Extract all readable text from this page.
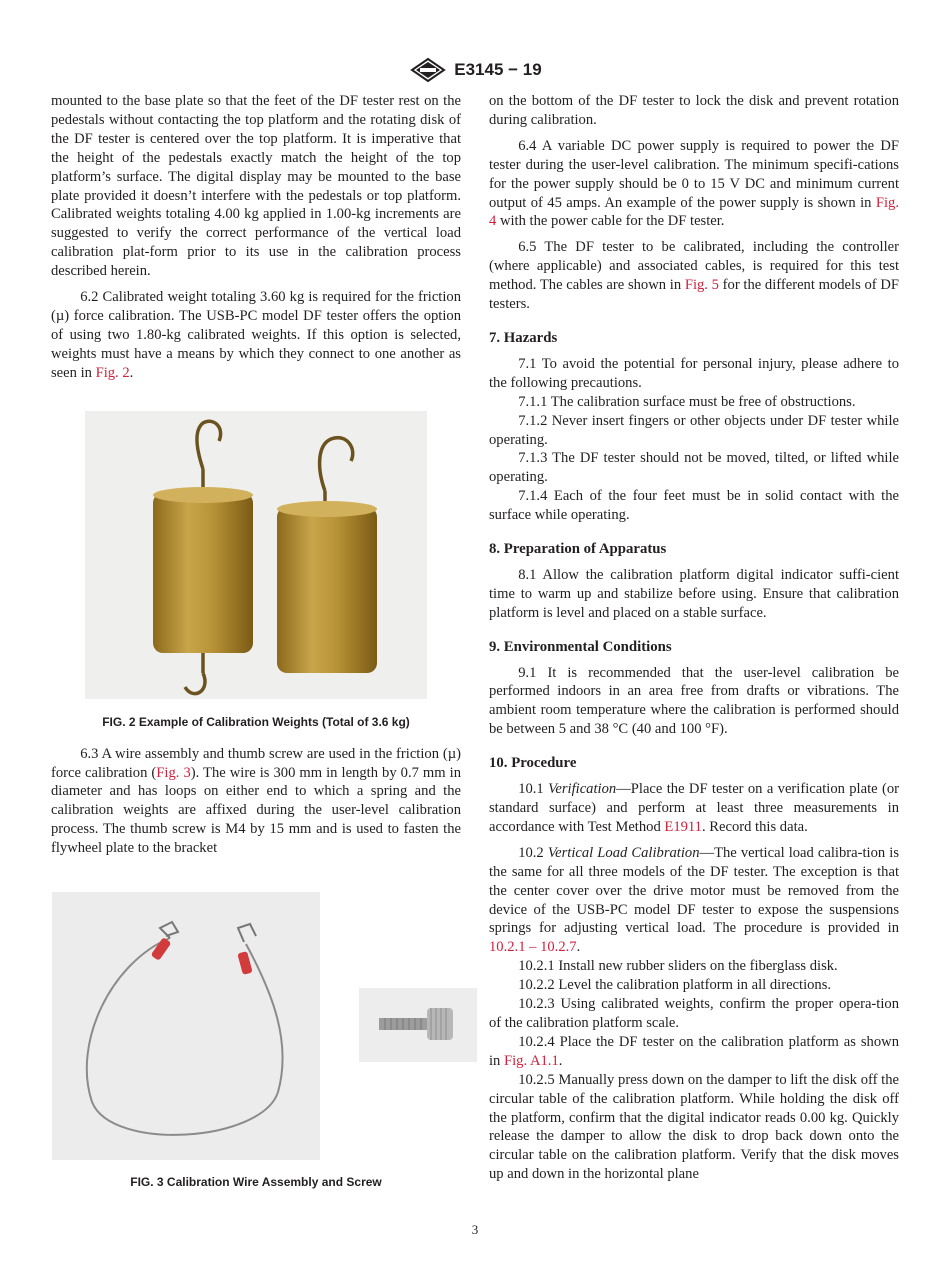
E3145 − 19

mounted to the base plate so that the feet of the DF tester rest on the pedestals without contacting the top platform and the rotating disk of the DF tester is centered over the top platform. It is imperative that the height of the pedestals exactly match the height of the top platform’s surface. The digital display may be mounted to the base plate provided it doesn’t interfere with the pedestals or top platform. Calibrated weights totaling 4.00 kg applied in 1.00-kg increments are suggested to verify the correct performance of the vertical load calibration plat-form prior to its use in the calibration process described herein.

6.2 Calibrated weight totaling 3.60 kg is required for the friction (µ) force calibration. The USB-PC model DF tester offers the option of using two 1.80-kg calibrated weights. If this option is selected, weights must have a means by which they connect to one another as seen in Fig. 2.

FIG. 2 Example of Calibration Weights (Total of 3.6 kg)

6.3 A wire assembly and thumb screw are used in the friction (µ) force calibration (Fig. 3). The wire is 300 mm in length by 0.7 mm in diameter and has loops on either end to which a spring and the calibration weights are affixed during the user-level calibration process. The thumb screw is M4 by 15 mm and is used to fasten the flywheel plate to the bracket

FIG. 3 Calibration Wire Assembly and Screw

on the bottom of the DF tester to lock the disk and prevent rotation during calibration.

6.4 A variable DC power supply is required to power the DF tester during the user-level calibration. The minimum specifi-cations for the power supply should be 0 to 15 V DC and minimum current output of 45 amps. An example of the power supply is shown in Fig. 4 with the power cable for the DF tester.

6.5 The DF tester to be calibrated, including the controller (where applicable) and associated cables, is required for this test method. The cables are shown in Fig. 5 for the different models of DF testers.

7. Hazards

7.1 To avoid the potential for personal injury, please adhere to the following precautions.

7.1.1 The calibration surface must be free of obstructions.

7.1.2 Never insert fingers or other objects under DF tester while operating.

7.1.3 The DF tester should not be moved, tilted, or lifted while operating.

7.1.4 Each of the four feet must be in solid contact with the surface while operating.

8. Preparation of Apparatus

8.1 Allow the calibration platform digital indicator suffi-cient time to warm up and stabilize before using. Ensure that calibration platform is level and placed on a stable surface.

9. Environmental Conditions

9.1 It is recommended that the user-level calibration be performed indoors in an area free from drafts or vibrations. The ambient room temperature where the calibration is performed should be between 5 and 38 °C (40 and 100 °F).

10. Procedure

10.1 Verification—Place the DF tester on a verification plate (or standard surface) and perform at least three measurements in accordance with Test Method E1911. Record this data.

10.2 Vertical Load Calibration—The vertical load calibra-tion is the same for all three models of the DF tester. The exception is that the center cover over the drive motor must be removed from the device of the USB-PC model DF tester to expose the suspensions springs for adjusting vertical load. The procedure is provided in 10.2.1 – 10.2.7.

10.2.1 Install new rubber sliders on the fiberglass disk.

10.2.2 Level the calibration platform in all directions.

10.2.3 Using calibrated weights, confirm the proper opera-tion of the calibration platform scale.

10.2.4 Place the DF tester on the calibration platform as shown in Fig. A1.1.

10.2.5 Manually press down on the damper to lift the disk off the circular table of the calibration platform. While holding the disk off the platform, confirm that the digital indicator reads 0.00 kg. Quickly release the damper to allow the disk to drop back down onto the circular table on the calibration platform. Verify that the disk moves up and down in the horizontal plane

3
